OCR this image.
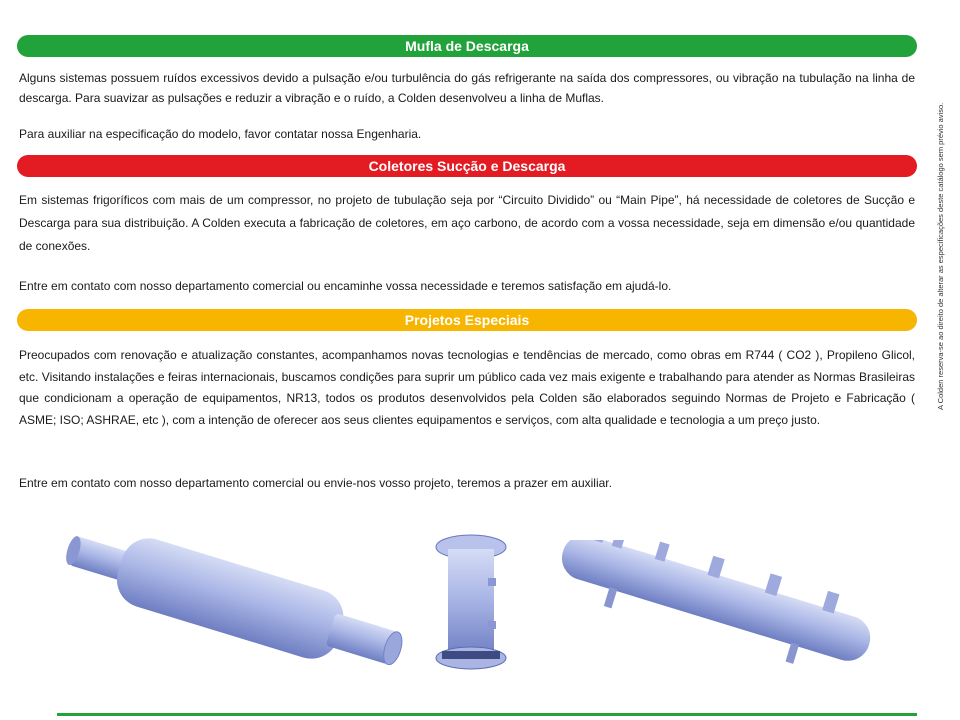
Mufla de Descarga

Alguns sistemas possuem ruídos excessivos devido a pulsação e/ou turbulência do gás refrigerante na saída dos compressores, ou vibração na tubulação na linha de descarga. Para suavizar as pulsações e reduzir a vibração e o ruído, a Colden desenvolveu a linha de Muflas.

Para auxiliar na especificação do modelo, favor contatar nossa Engenharia.

Coletores Sucção e Descarga

Em sistemas frigoríficos com mais de um compressor, no projeto de tubulação seja por “Circuito Dividido” ou “Main Pipe”, há necessidade de coletores de Sucção e Descarga para sua distribuição. A Colden executa a fabricação de coletores, em aço carbono, de acordo com a vossa necessidade, seja em dimensão e/ou quantidade de conexões.

Entre em contato com nosso departamento comercial ou encaminhe vossa necessidade e teremos satisfação em ajudá-lo.

Projetos Especiais

Preocupados com renovação e atualização constantes, acompanhamos novas tecnologias e tendências de mercado, como obras em R744 ( CO2 ), Propileno Glicol, etc. Visitando instalações e feiras internacionais, buscamos condições para suprir um público cada vez mais exigente e trabalhando para atender as Normas Brasileiras que condicionam a operação de equipamentos, NR13, todos os produtos desenvolvidos pela Colden são elaborados seguindo Normas de Projeto e Fabricação ( ASME; ISO; ASHRAE, etc ), com a intenção de oferecer aos seus clientes equipamentos e serviços, com alta qualidade e tecnologia a um preço justo.

Entre em contato com nosso departamento comercial ou envie-nos vosso projeto, teremos a prazer em auxiliar.

A Colden reserva-se ao direito de alterar as especificações deste catálogo sem prévio aviso.
